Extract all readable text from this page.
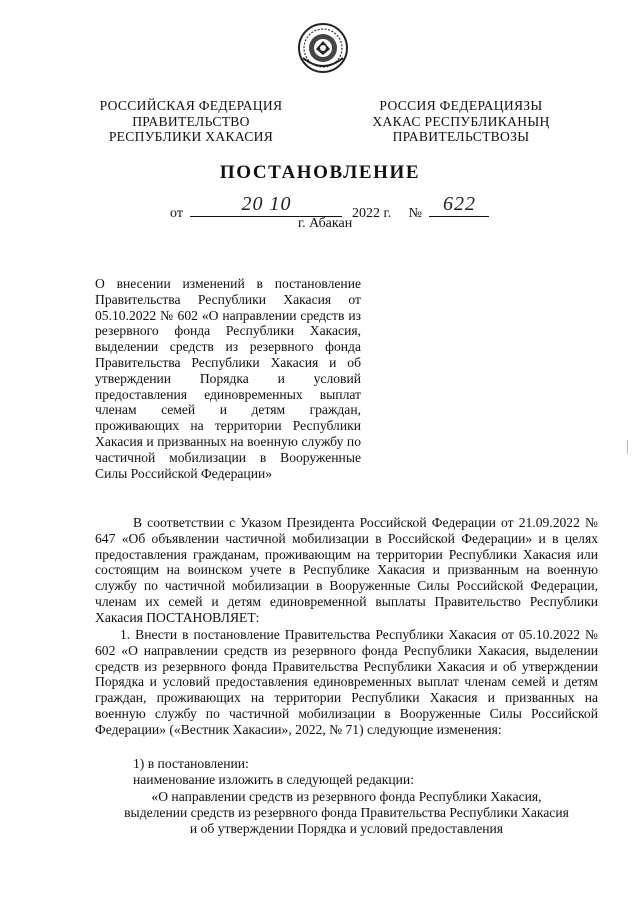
РОССИЙСКАЯ ФЕДЕРАЦИЯ
ПРАВИТЕЛЬСТВО
РЕСПУБЛИКИ ХАКАСИЯ
РОССИЯ ФЕДЕРАЦИЯЗЫ
ХАКАС РЕСПУБЛИКАНЫҢ
ПРАВИТЕЛЬСТВОЗЫ
ПОСТАНОВЛЕНИЕ
от	20 10	2022 г. №	622
г. Абакан
О внесении изменений в постановление Правительства Республики Хакасия от 05.10.2022 № 602 «О направлении средств из резервного фонда Республики Хакасия, выделении средств из резервного фонда Правительства Республики Хакасия и об утверждении Порядка и условий предоставления единовременных выплат членам семей и детям граждан, проживающих на территории Республики Хакасия и призванных на военную службу по частичной мобилизации в Вооруженные Силы Российской Федерации»
В соответствии с Указом Президента Российской Федерации от 21.09.2022 № 647 «Об объявлении частичной мобилизации в Российской Федерации» и в целях предоставления гражданам, проживающим на территории Республики Хакасия или состоящим на воинском учете в Республике Хакасия и призванным на военную службу по частичной мобилизации в Вооруженные Силы Российской Федерации, членам их семей и детям единовременной выплаты Правительство Республики Хакасия ПОСТАНОВЛЯЕТ:
1. Внести в постановление Правительства Республики Хакасия от 05.10.2022 № 602 «О направлении средств из резервного фонда Республики Хакасия, выделении средств из резервного фонда Правительства Республики Хакасия и об утверждении Порядка и условий предоставления единовременных выплат членам семей и детям граждан, проживающих на территории Республики Хакасия и призванных на военную службу по частичной мобилизации в Вооруженные Силы Российской Федерации» («Вестник Хакасии», 2022, № 71) следующие изменения:
1) в постановлении:
наименование изложить в следующей редакции:
«О направлении средств из резервного фонда Республики Хакасия,
выделении средств из резервного фонда Правительства Республики Хакасия
и об утверждении Порядка и условий предоставления
